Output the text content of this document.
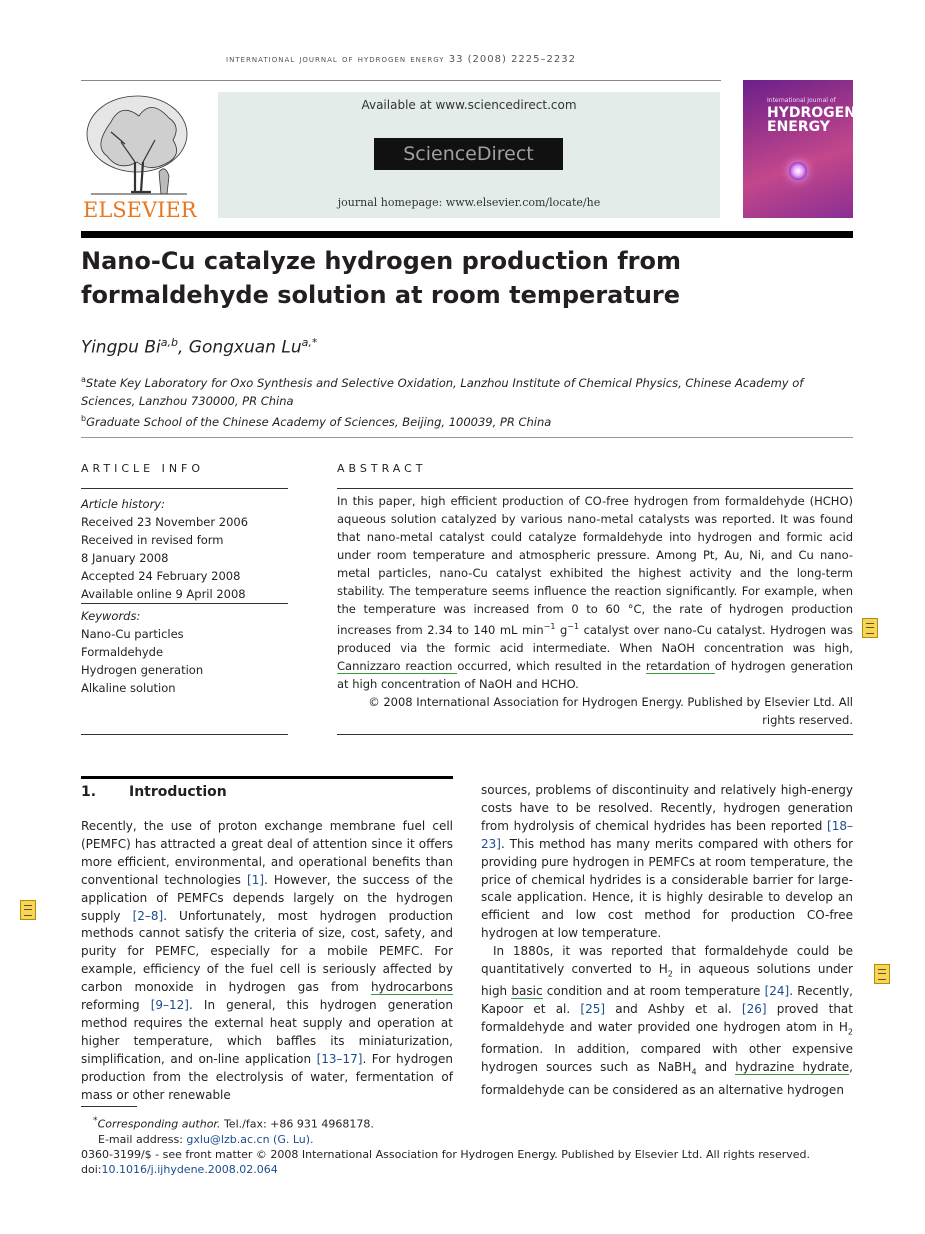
international journal of hydrogen energy 33 (2008) 2225–2232
ELSEVIER
Available at www.sciencedirect.com
ScienceDirect
journal homepage: www.elsevier.com/locate/he
International Journal of
HYDROGEN ENERGY
Nano-Cu catalyze hydrogen production from formaldehyde solution at room temperature
Yingpu Bi$^{a,b}$, Gongxuan $Lu^{a,*}$
$^a$State Key Laboratory for Oxo Synthesis and Selective Oxidation, Lanzhou Institute of Chemical Physics, Chinese Academy of Sciences, Lanzhou 730000, PR China
$^b$Graduate School of the Chinese Academy of Sciences, Beijing, 100039, PR China
ARTICLE INFO	ABSTRACT
Article history:
Received 23 November 2006
Received in revised form
8 January 2008
Accepted 24 February 2008
Available online 9 April 2008
Keywords:
Nano-Cu particles
Formaldehyde
Hydrogen generation
Alkaline solution
In this paper, high efficient production of CO-free hydrogen from formaldehyde (HCHO) aqueous solution catalyzed by various nano-metal catalysts was reported. It was found that nano-metal catalyst could catalyze formaldehyde into hydrogen and formic acid under room temperature and atmospheric pressure. Among Pt, Au, Ni, and Cu nano-metal particles, nano-Cu catalyst exhibited the highest activity and the long-term stability. The temperature seems influence the reaction significantly. For example, when the temperature was increased from 0 to 60 °C, the rate of hydrogen production increases from 2.34 to 140 mL $\min^{-1} g^{-1}$ catalyst over nano-Cu catalyst. Hydrogen was produced via the formic acid intermediate. When NaOH concentration was high, Cannizzaro reaction occurred, which resulted in the retardation of hydrogen generation at high concentration of NaOH and HCHO.
© 2008 International Association for Hydrogen Energy. Published by Elsevier Ltd. All rights reserved.
1. Introduction
Recently, the use of proton exchange membrane fuel cell (PEMFC) has attracted a great deal of attention since it offers more efficient, environmental, and operational benefits than conventional technologies [1]. However, the success of the application of PEMFCs depends largely on the hydrogen supply [2–8]. Unfortunately, most hydrogen production methods cannot satisfy the criteria of size, cost, safety, and purity for PEMFC, especially for a mobile PEMFC. For example, efficiency of the fuel cell is seriously affected by carbon monoxide in hydrogen gas from hydrocarbons reforming [9–12]. In general, this hydrogen generation method requires the external heat supply and operation at higher temperature, which baffles its miniaturization, simplification, and on-line application [13–17]. For hydrogen production from the electrolysis of water, fermentation of mass or other renewable
sources, problems of discontinuity and relatively high-energy costs have to be resolved. Recently, hydrogen generation from hydrolysis of chemical hydrides has been reported [18–23]. This method has many merits compared with others for providing pure hydrogen in PEMFCs at room temperature, the price of chemical hydrides is a considerable barrier for large-scale application. Hence, it is highly desirable to develop an efficient and low cost method for production CO-free hydrogen at low temperature.
In 1880s, it was reported that formaldehyde could be quantitatively converted to $H_2$ in aqueous solutions under high basic condition and at room temperature [24]. Recently, Kapoor et al. [25] and Ashby et al. [26] proved that formaldehyde and water provided one hydrogen atom in $H_2$ formation. In addition, compared with other expensive hydrogen sources such as NaBH$_4$ and hydrazine hydrate, formaldehyde can be considered as an alternative hydrogen
*Corresponding author. Tel./fax: +86 931 4968178.
E-mail address: gxlu@lzb.ac.cn (G. Lu).
0360-3199/$ - see front matter © 2008 International Association for Hydrogen Energy. Published by Elsevier Ltd. All rights reserved.
doi:10.1016/j.ijhydene.2008.02.064
